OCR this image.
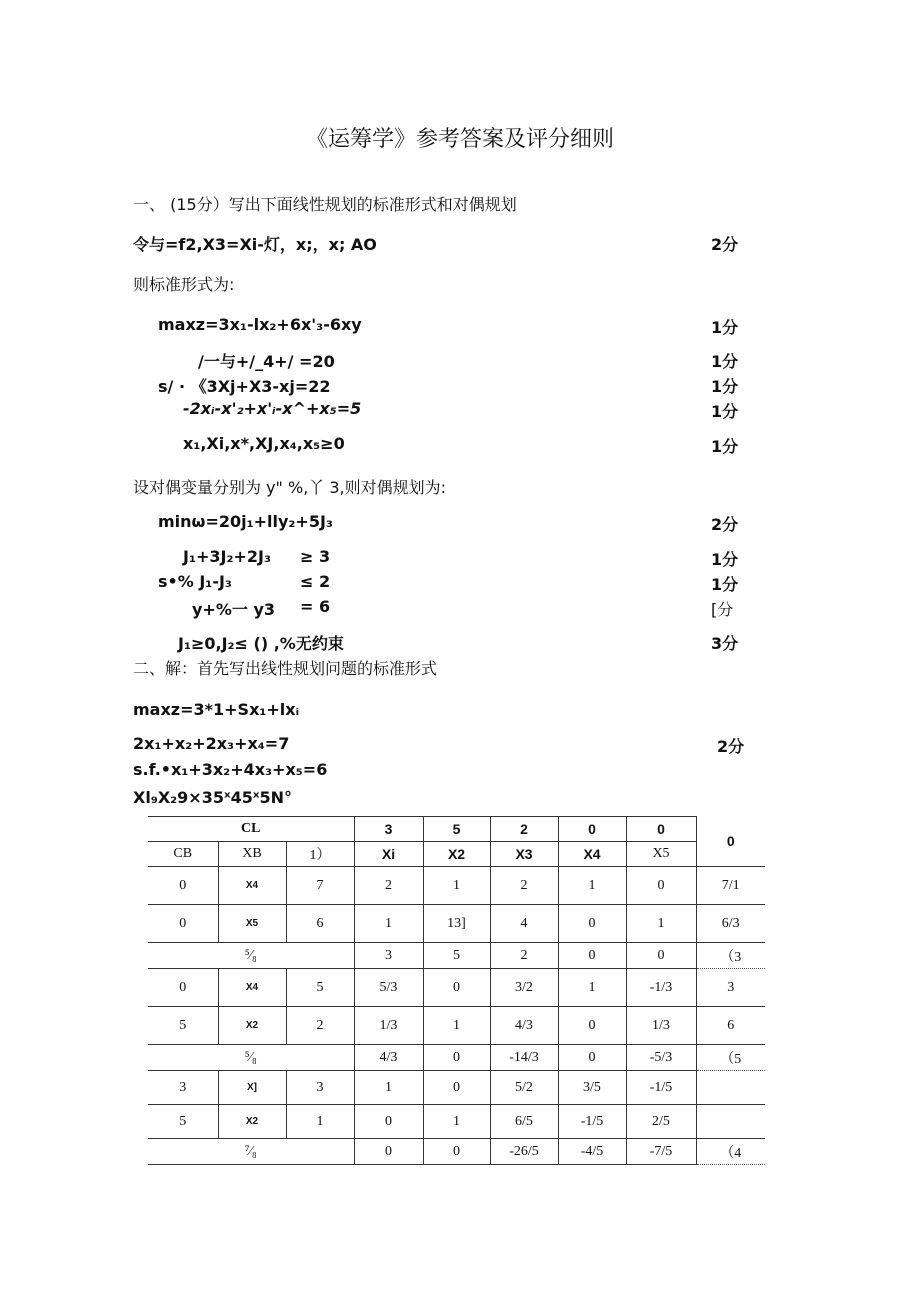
《运筹学》参考答案及评分细则
一、 (15分）写出下面线性规划的标准形式和对偶规划
令与=f2,X3=Xi-灯，x;，x; AO	2分
则标准形式为:
maxz=3x₁-lx₂+6x'₃-6xy	1分
/一与+/_4+/ =20	1分
s/ · 《3Xj+X3-xj=22	1分
-2xᵢ-x'₂+x'ᵢ-x^+x₅=5	1分
x₁,Xi,x*,XJ,x₄,x₅≥0	1分
设对偶变量分别为 y" %,丫 3,则对偶规划为:
minω=20j₁+lly₂+5J₃	2分
J₁+3J₂+2J₃ ≥ 3	1分
s•% J₁-J₃	≤ 2	1分
y+%一 y3 = 6	[分
J₁≥0,J₂≤ () ,%无约束	3分
二、解：首先写出线性规划问题的标准形式
maxz=3*1+Sx₁+lxᵢ
2x₁+x₂+2x₃+x₄=7	2分
s.f.•x₁+3x₂+4x₃+x₅=6
Xl₉X₂9×35ˣ45ˣ5N°
CL			3	5	2	0	0	0
CB	XB	1）	Xi	X2	X3	X4	X5	
0	X4	7	2	1	2	1	0	7/1
0	X5	6	1	13]	4	0	1	6/3
⁵⁄₈			3	5	2	0	0	（3
0	X4	5	5/3	0	3/2	1	-1/3	3
5	X2	2	1/3	1	4/3	0	1/3	6
⁵⁄₈			4/3	0	-14/3	0	-5/3	（5
3	X]	3	1	0	5/2	3/5	-1/5	
5	X2	1	0	1	6/5	-1/5	2/5	
⁷⁄₈			0	0	-26/5	-4/5	-7/5	（4
